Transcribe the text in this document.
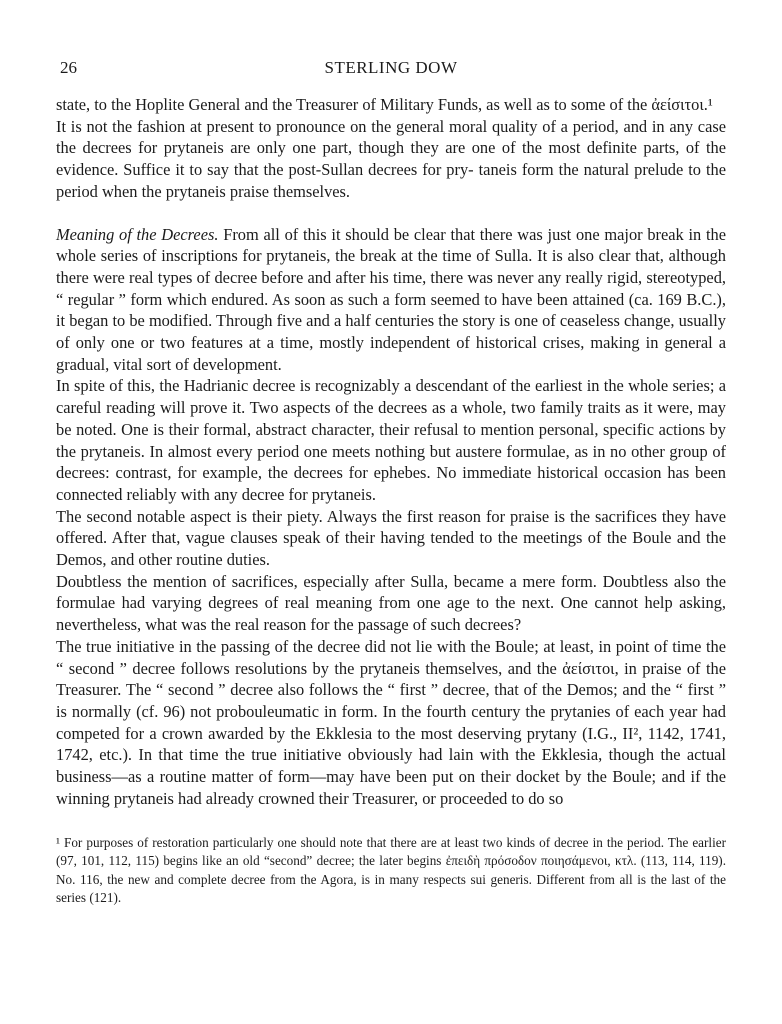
26	STERLING DOW

state, to the Hoplite General and the Treasurer of Military Funds, as well as to some of the ἀείσιτοι.¹

It is not the fashion at present to pronounce on the general moral quality of a period, and in any case the decrees for prytaneis are only one part, though they are one of the most definite parts, of the evidence. Suffice it to say that the post-Sullan decrees for pry- taneis form the natural prelude to the period when the prytaneis praise themselves.

Meaning of the Decrees. From all of this it should be clear that there was just one major break in the whole series of inscriptions for prytaneis, the break at the time of Sulla. It is also clear that, although there were real types of decree before and after his time, there was never any really rigid, stereotyped, “ regular ” form which endured. As soon as such a form seemed to have been attained (ca. 169 B.C.), it began to be modified. Through five and a half centuries the story is one of ceaseless change, usually of only one or two features at a time, mostly independent of historical crises, making in general a gradual, vital sort of development.

In spite of this, the Hadrianic decree is recognizably a descendant of the earliest in the whole series; a careful reading will prove it. Two aspects of the decrees as a whole, two family traits as it were, may be noted. One is their formal, abstract character, their refusal to mention personal, specific actions by the prytaneis. In almost every period one meets nothing but austere formulae, as in no other group of decrees: contrast, for example, the decrees for ephebes. No immediate historical occasion has been connected reliably with any decree for prytaneis.

The second notable aspect is their piety. Always the first reason for praise is the sacrifices they have offered. After that, vague clauses speak of their having tended to the meetings of the Boule and the Demos, and other routine duties.

Doubtless the mention of sacrifices, especially after Sulla, became a mere form. Doubtless also the formulae had varying degrees of real meaning from one age to the next. One cannot help asking, nevertheless, what was the real reason for the passage of such decrees?

The true initiative in the passing of the decree did not lie with the Boule; at least, in point of time the “ second ” decree follows resolutions by the prytaneis themselves, and the ἀείσιτοι, in praise of the Treasurer. The “ second ” decree also follows the “ first ” decree, that of the Demos; and the “ first ” is normally (cf. 96) not probouleumatic in form. In the fourth century the prytanies of each year had competed for a crown awarded by the Ekklesia to the most deserving prytany (I.G., II², 1142, 1741, 1742, etc.). In that time the true initiative obviously had lain with the Ekklesia, though the actual business—as a routine matter of form—may have been put on their docket by the Boule; and if the winning prytaneis had already crowned their Treasurer, or proceeded to do so

¹ For purposes of restoration particularly one should note that there are at least two kinds of decree in the period. The earlier (97, 101, 112, 115) begins like an old “second” decree; the later begins ἐπειδὴ πρόσοδον ποιησάμενοι, κτλ. (113, 114, 119). No. 116, the new and complete decree from the Agora, is in many respects sui generis. Different from all is the last of the series (121).
